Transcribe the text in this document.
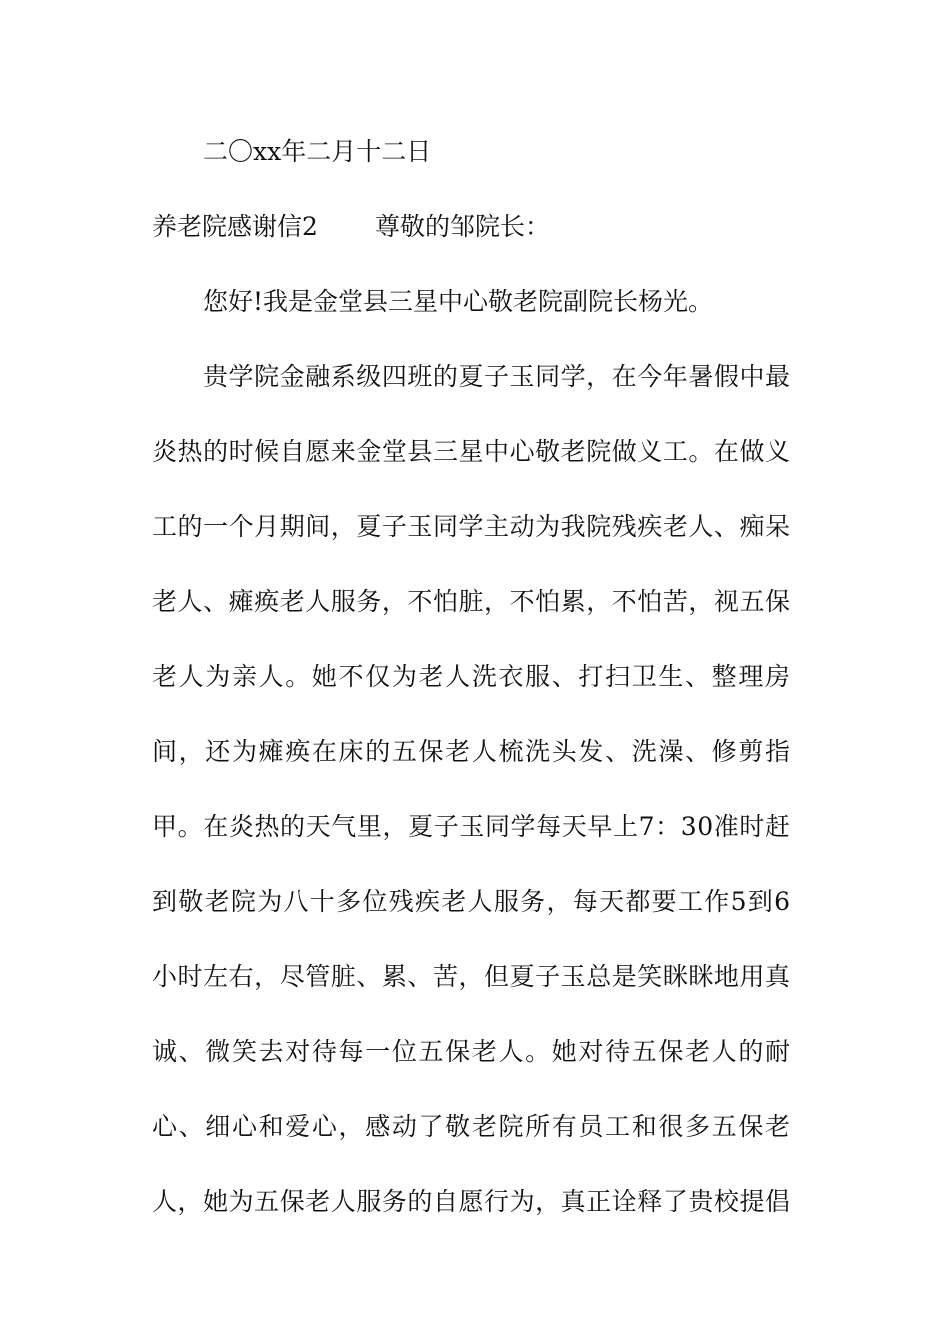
二〇xx年二月十二日

养老院感谢信2

尊敬的邹院长：

您好!我是金堂县三星中心敬老院副院长杨光。

贵学院金融系级四班的夏子玉同学，在今年暑假中最

炎热的时候自愿来金堂县三星中心敬老院做义工。在做义

工的一个月期间，夏子玉同学主动为我院残疾老人、痴呆

老人、瘫痪老人服务，不怕脏，不怕累，不怕苦，视五保

老人为亲人。她不仅为老人洗衣服、打扫卫生、整理房

间，还为瘫痪在床的五保老人梳洗头发、洗澡、修剪指

甲。在炎热的天气里，夏子玉同学每天早上7：30准时赶

到敬老院为八十多位残疾老人服务，每天都要工作5到6

小时左右，尽管脏、累、苦，但夏子玉总是笑眯眯地用真

诚、微笑去对待每一位五保老人。她对待五保老人的耐

心、细心和爱心，感动了敬老院所有员工和很多五保老

人，她为五保老人服务的自愿行为，真正诠释了贵校提倡
